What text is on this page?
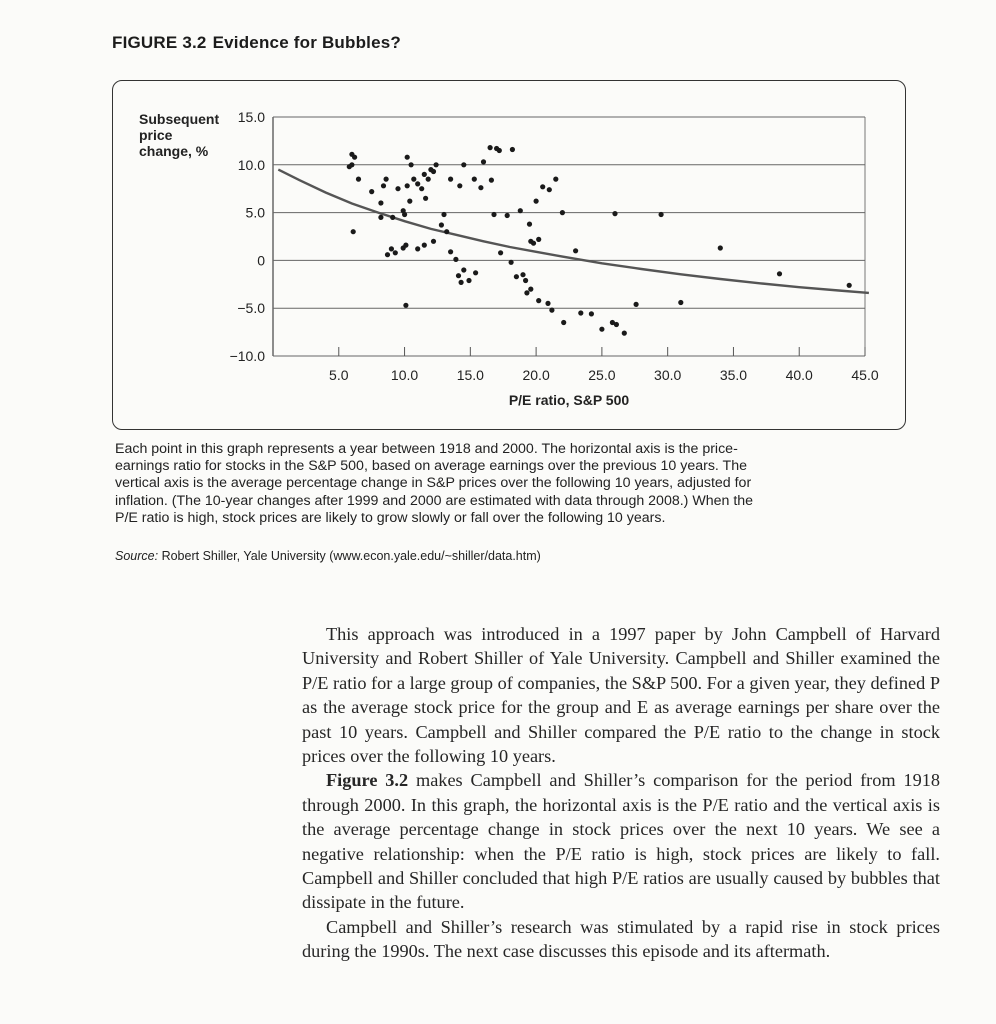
FIGURE 3.2 Evidence for Bubbles?
Subsequent price change, %
P/E ratio, S&P 500
15.0
10.0
5.0
0
−5.0
−10.0
5.0	10.0	15.0	20.0	25.0	30.0	35.0	40.0	45.0
Each point in this graph represents a year between 1918 and 2000. The horizontal axis is the price-earnings ratio for stocks in the S&P 500, based on average earnings over the previous 10 years. The vertical axis is the average percentage change in S&P prices over the following 10 years, adjusted for inflation. (The 10-year changes after 1999 and 2000 are estimated with data through 2008.) When the P/E ratio is high, stock prices are likely to grow slowly or fall over the following 10 years.
Source: Robert Shiller, Yale University (www.econ.yale.edu/~shiller/data.htm)

This approach was introduced in a 1997 paper by John Campbell of Harvard University and Robert Shiller of Yale University. Campbell and Shiller examined the P/E ratio for a large group of companies, the S&P 500. For a given year, they defined P as the average stock price for the group and E as average earnings per share over the past 10 years. Campbell and Shiller compared the P/E ratio to the change in stock prices over the following 10 years.

Figure 3.2 makes Campbell and Shiller’s comparison for the period from 1918 through 2000. In this graph, the horizontal axis is the P/E ratio and the vertical axis is the average percentage change in stock prices over the next 10 years. We see a negative relationship: when the P/E ratio is high, stock prices are likely to fall. Campbell and Shiller concluded that high P/E ratios are usually caused by bubbles that dissipate in the future.

Campbell and Shiller’s research was stimulated by a rapid rise in stock prices during the 1990s. The next case discusses this episode and its aftermath.
